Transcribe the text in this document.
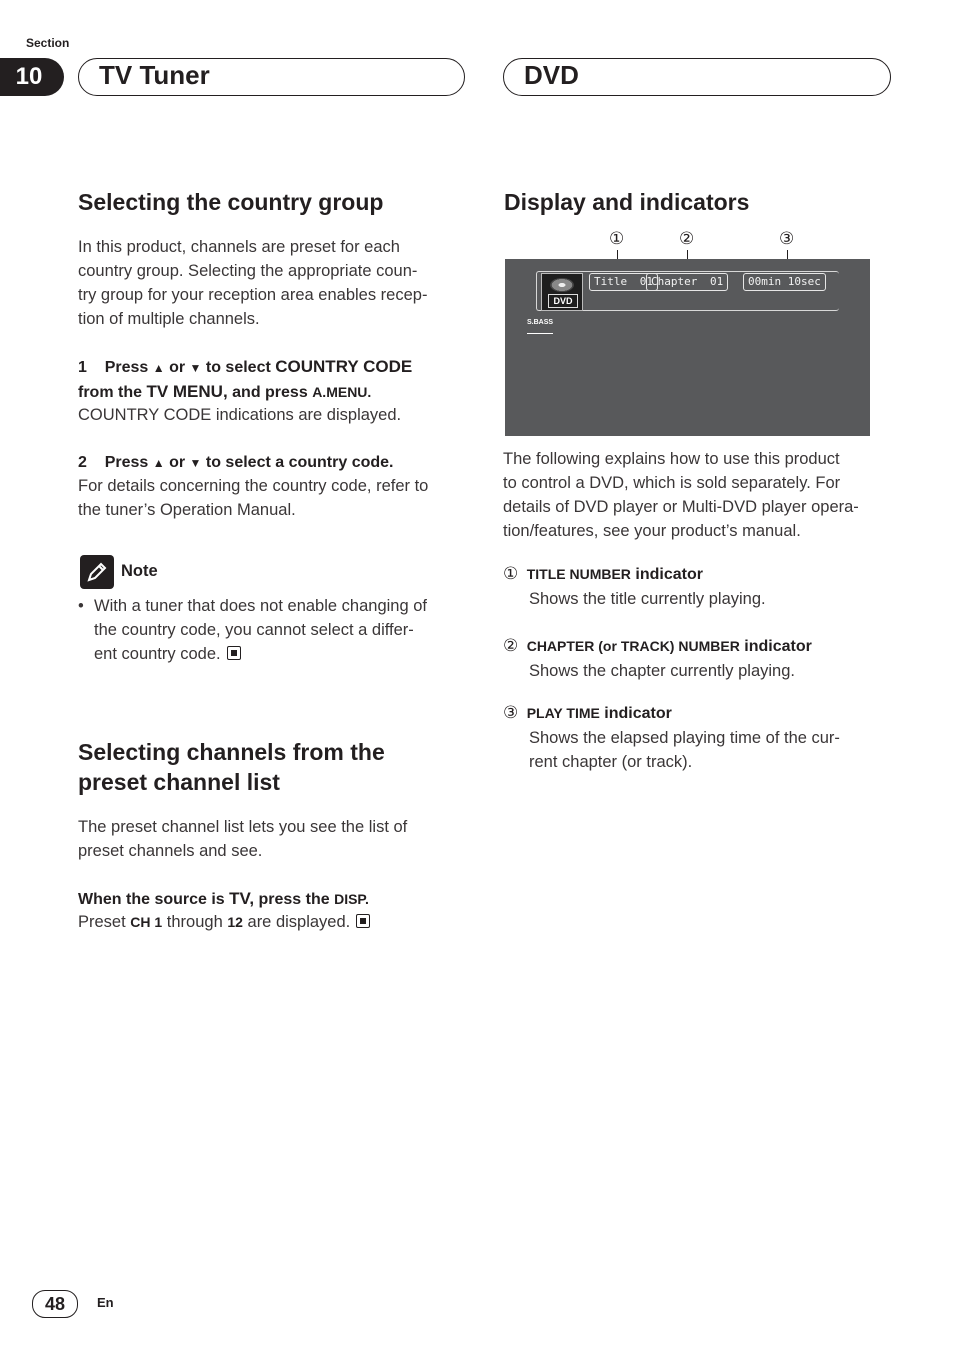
Section
10	TV Tuner	DVD
Selecting the country group

In this product, channels are preset for each

country group. Selecting the appropriate coun-

try group for your reception area enables recep-

tion of multiple channels.

1 Press ▲ or ▼ to select COUNTRY CODE
from the TV MENU, and press A.MENU.

COUNTRY CODE indications are displayed.

2 Press ▲ or ▼ to select a country code.

For details concerning the country code, refer to

the tuner’s Operation Manual.

Note
• With a tuner that does not enable changing of

the country code, you cannot select a differ-

ent country code.

Selecting channels from the
preset channel list

The preset channel list lets you see the list of

preset channels and see.

When the source is TV, press the DISP.
Preset CH 1 through 12 are displayed.
Display and indicators
①	②	③
DVD
Title 01
Chapter 01	00min 10sec
S.BASS

The following explains how to use this product

to control a DVD, which is sold separately. For

details of DVD player or Multi-DVD player opera-

tion/features, see your product’s manual.

① TITLE NUMBER indicator

Shows the title currently playing.

② CHAPTER (or TRACK) NUMBER indicator

Shows the chapter currently playing.

③ PLAY TIME indicator

Shows the elapsed playing time of the cur-

rent chapter (or track).

48	En
